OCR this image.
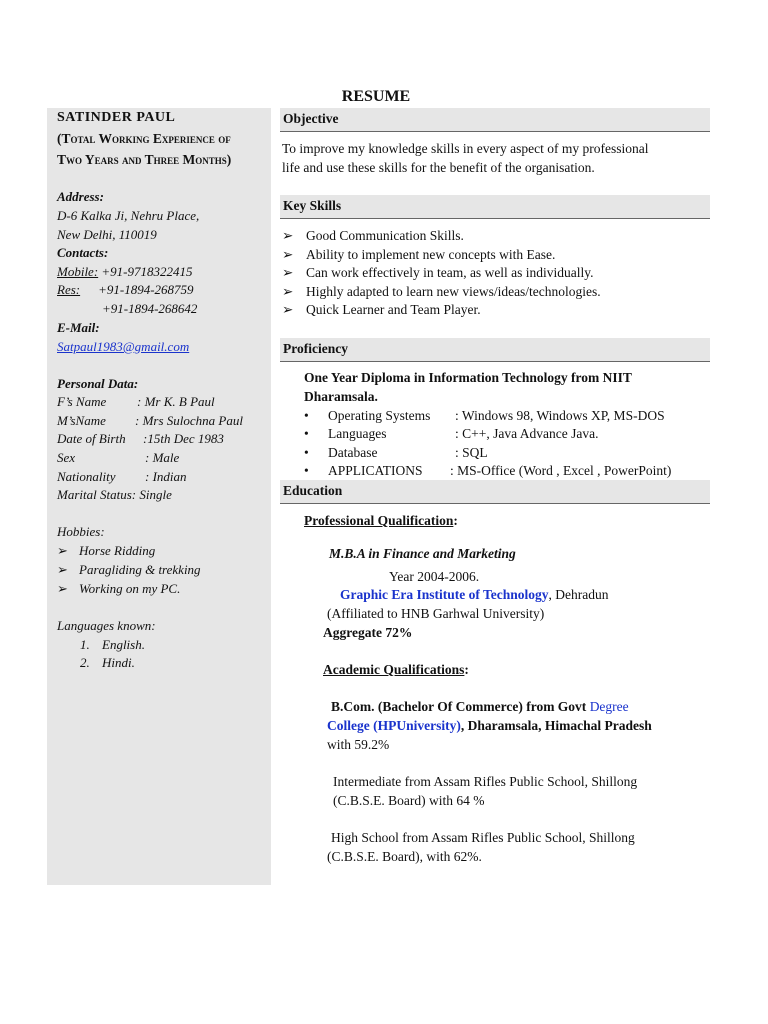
RESUME
SATINDER PAUL
(Total Working Experience of
Two Years and Three Months)
Address:
D-6 Kalka Ji, Nehru Place,
New Delhi, 110019
Contacts:
Mobile: +91-9718322415
Res: +91-1894-268759
+91-1894-268642
E-Mail:
Satpaul1983@gmail.com
Personal Data:
F’s Name : Mr K. B Paul
M’sName : Mrs Sulochna Paul
Date of Birth :15th Dec 1983
Sex	: Male
Nationality : Indian
Marital Status: Single
Hobbies:
➢ Horse Ridding
➢ Paragliding & trekking
➢ Working on my PC.
Languages known:
1. English.
2. Hindi.
Objective
To improve my knowledge skills in every aspect of my professional
life and use these skills for the benefit of the organisation.
Key Skills
➢ Good Communication Skills.
➢ Ability to implement new concepts with Ease.
➢ Can work effectively in team, as well as individually.
➢ Highly adapted to learn new views/ideas/technologies.
➢ Quick Learner and Team Player.
Proficiency
One Year Diploma in Information Technology from NIIT
Dharamsala.
• Operating Systems : Windows 98, Windows XP, MS-DOS
• Languages	: C++, Java Advance Java.
• Database	: SQL
• APPLICATIONS : MS-Office (Word , Excel , PowerPoint)
Education
Professional Qualification:
M.B.A in Finance and Marketing
Year 2004-2006.
Graphic Era Institute of Technology, Dehradun
(Affiliated to HNB Garhwal University)
Aggregate 72%
Academic Qualifications:
B.Com. (Bachelor Of Commerce) from Govt Degree
College (HPUniversity), Dharamsala, Himachal Pradesh
with 59.2%
Intermediate from Assam Rifles Public School, Shillong
(C.B.S.E. Board) with 64 %
High School from Assam Rifles Public School, Shillong
(C.B.S.E. Board), with 62%.
